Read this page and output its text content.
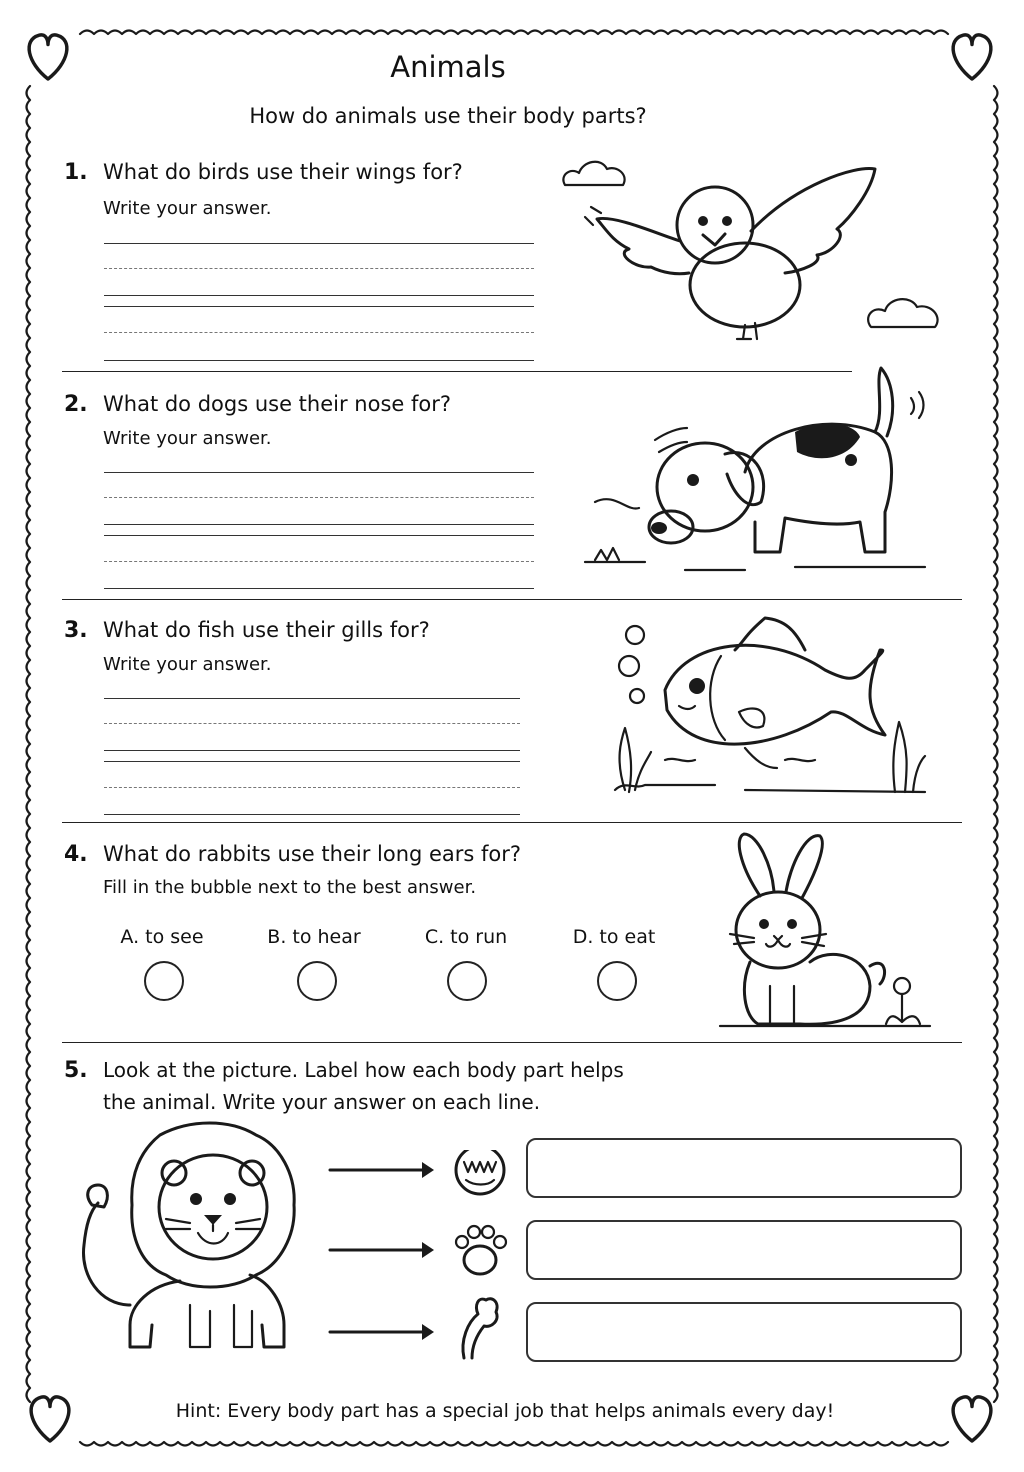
Animals
How do animals use their body parts?
1. What do birds use their wings for?
Write your answer.
2. What do dogs use their nose for?
Write your answer.
3. What do fish use their gills for?
Write your answer.
4. What do rabbits use their long ears for?
Fill in the bubble next to the best answer.
A. to see	B. to hear	C. to run	D. to eat
5. Look at the picture. Label how each body part helps
the animal. Write your answer on each line.
Hint: Every body part has a special job that helps animals every day!
